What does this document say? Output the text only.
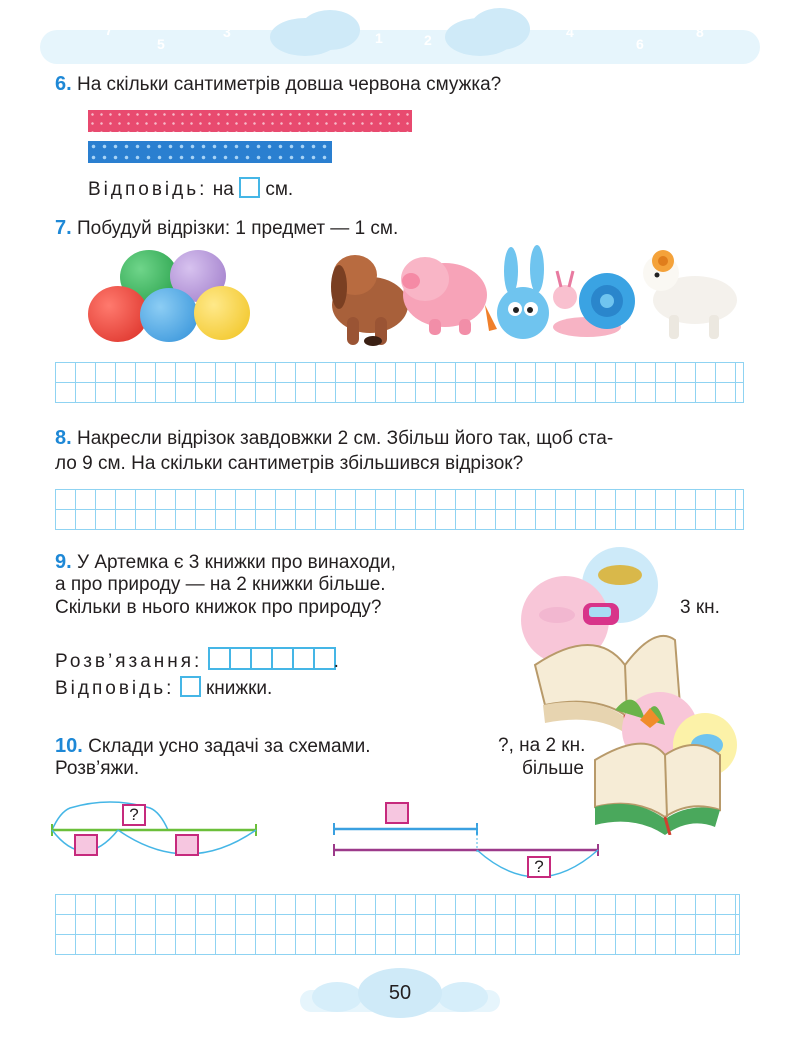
7
5
3	1
0
2	4
6
8
6. На скільки сантиметрів довша червона смужка?
Відповідь: на см.
7. Побудуй відрізки: 1 предмет — 1 см.
8. Накресли відрізок завдовжки 2 см. Збільш його так, щоб ста-
ло 9 см. На скільки сантиметрів збільшився відрізок?
9. У Артемка є 3 книжки про винаходи,
а про природу — на 2 книжки більше.
Скільки в нього книжок про природу?
Розв’язання:	.
Відповідь: книжки.
3 кн.
10. Склади усно задачі за схемами.
Розв’яжи.
?, на 2 кн.
більше
?
?
50
